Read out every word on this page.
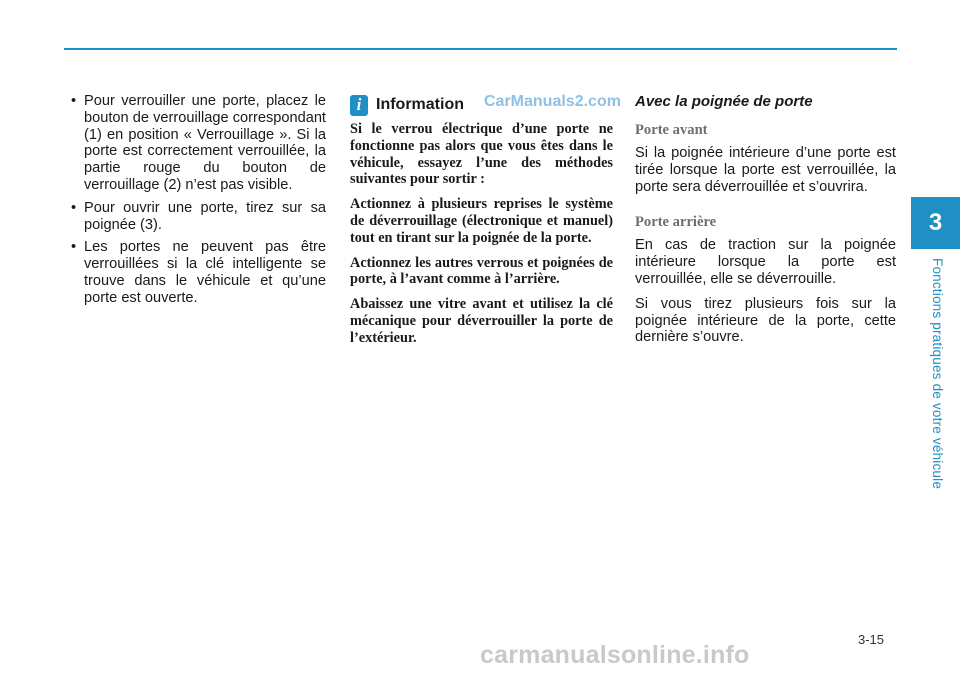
3
Fonctions pratiques de votre véhicule
• Pour verrouiller une porte, placez le bouton de verrouillage correspondant (1) en position « Verrouillage ». Si la porte est correctement verrouillée, la partie rouge du bouton de verrouillage (2) n’est pas visible.
• Pour ouvrir une porte, tirez sur sa poignée (3).
• Les portes ne peuvent pas être verrouillées si la clé intelligente se trouve dans le véhicule et qu’une porte est ouverte.
i Information

Si le verrou électrique d’une porte ne fonctionne pas alors que vous êtes dans le véhicule, essayez l’une des méthodes suivantes pour sortir :

Actionnez à plusieurs reprises le système de déverrouillage (électronique et manuel) tout en tirant sur la poignée de la porte.

Actionnez les autres verrous et poignées de porte, à l’avant comme à l’arrière.

Abaissez une vitre avant et utilisez la clé mécanique pour déverrouiller la porte de l’extérieur.

CarManuals2.com Avec la poignée de porte

Porte avant

Si la poignée intérieure d’une porte est tirée lorsque la porte est verrouillée, la porte sera déverrouillée et s’ouvrira.

Porte arrière

En cas de traction sur la poignée intérieure lorsque la porte est verrouillée, elle se déverrouille.

Si vous tirez plusieurs fois sur la poignée intérieure de la porte, cette dernière s’ouvre.

3-15
carmanualsonline.info
